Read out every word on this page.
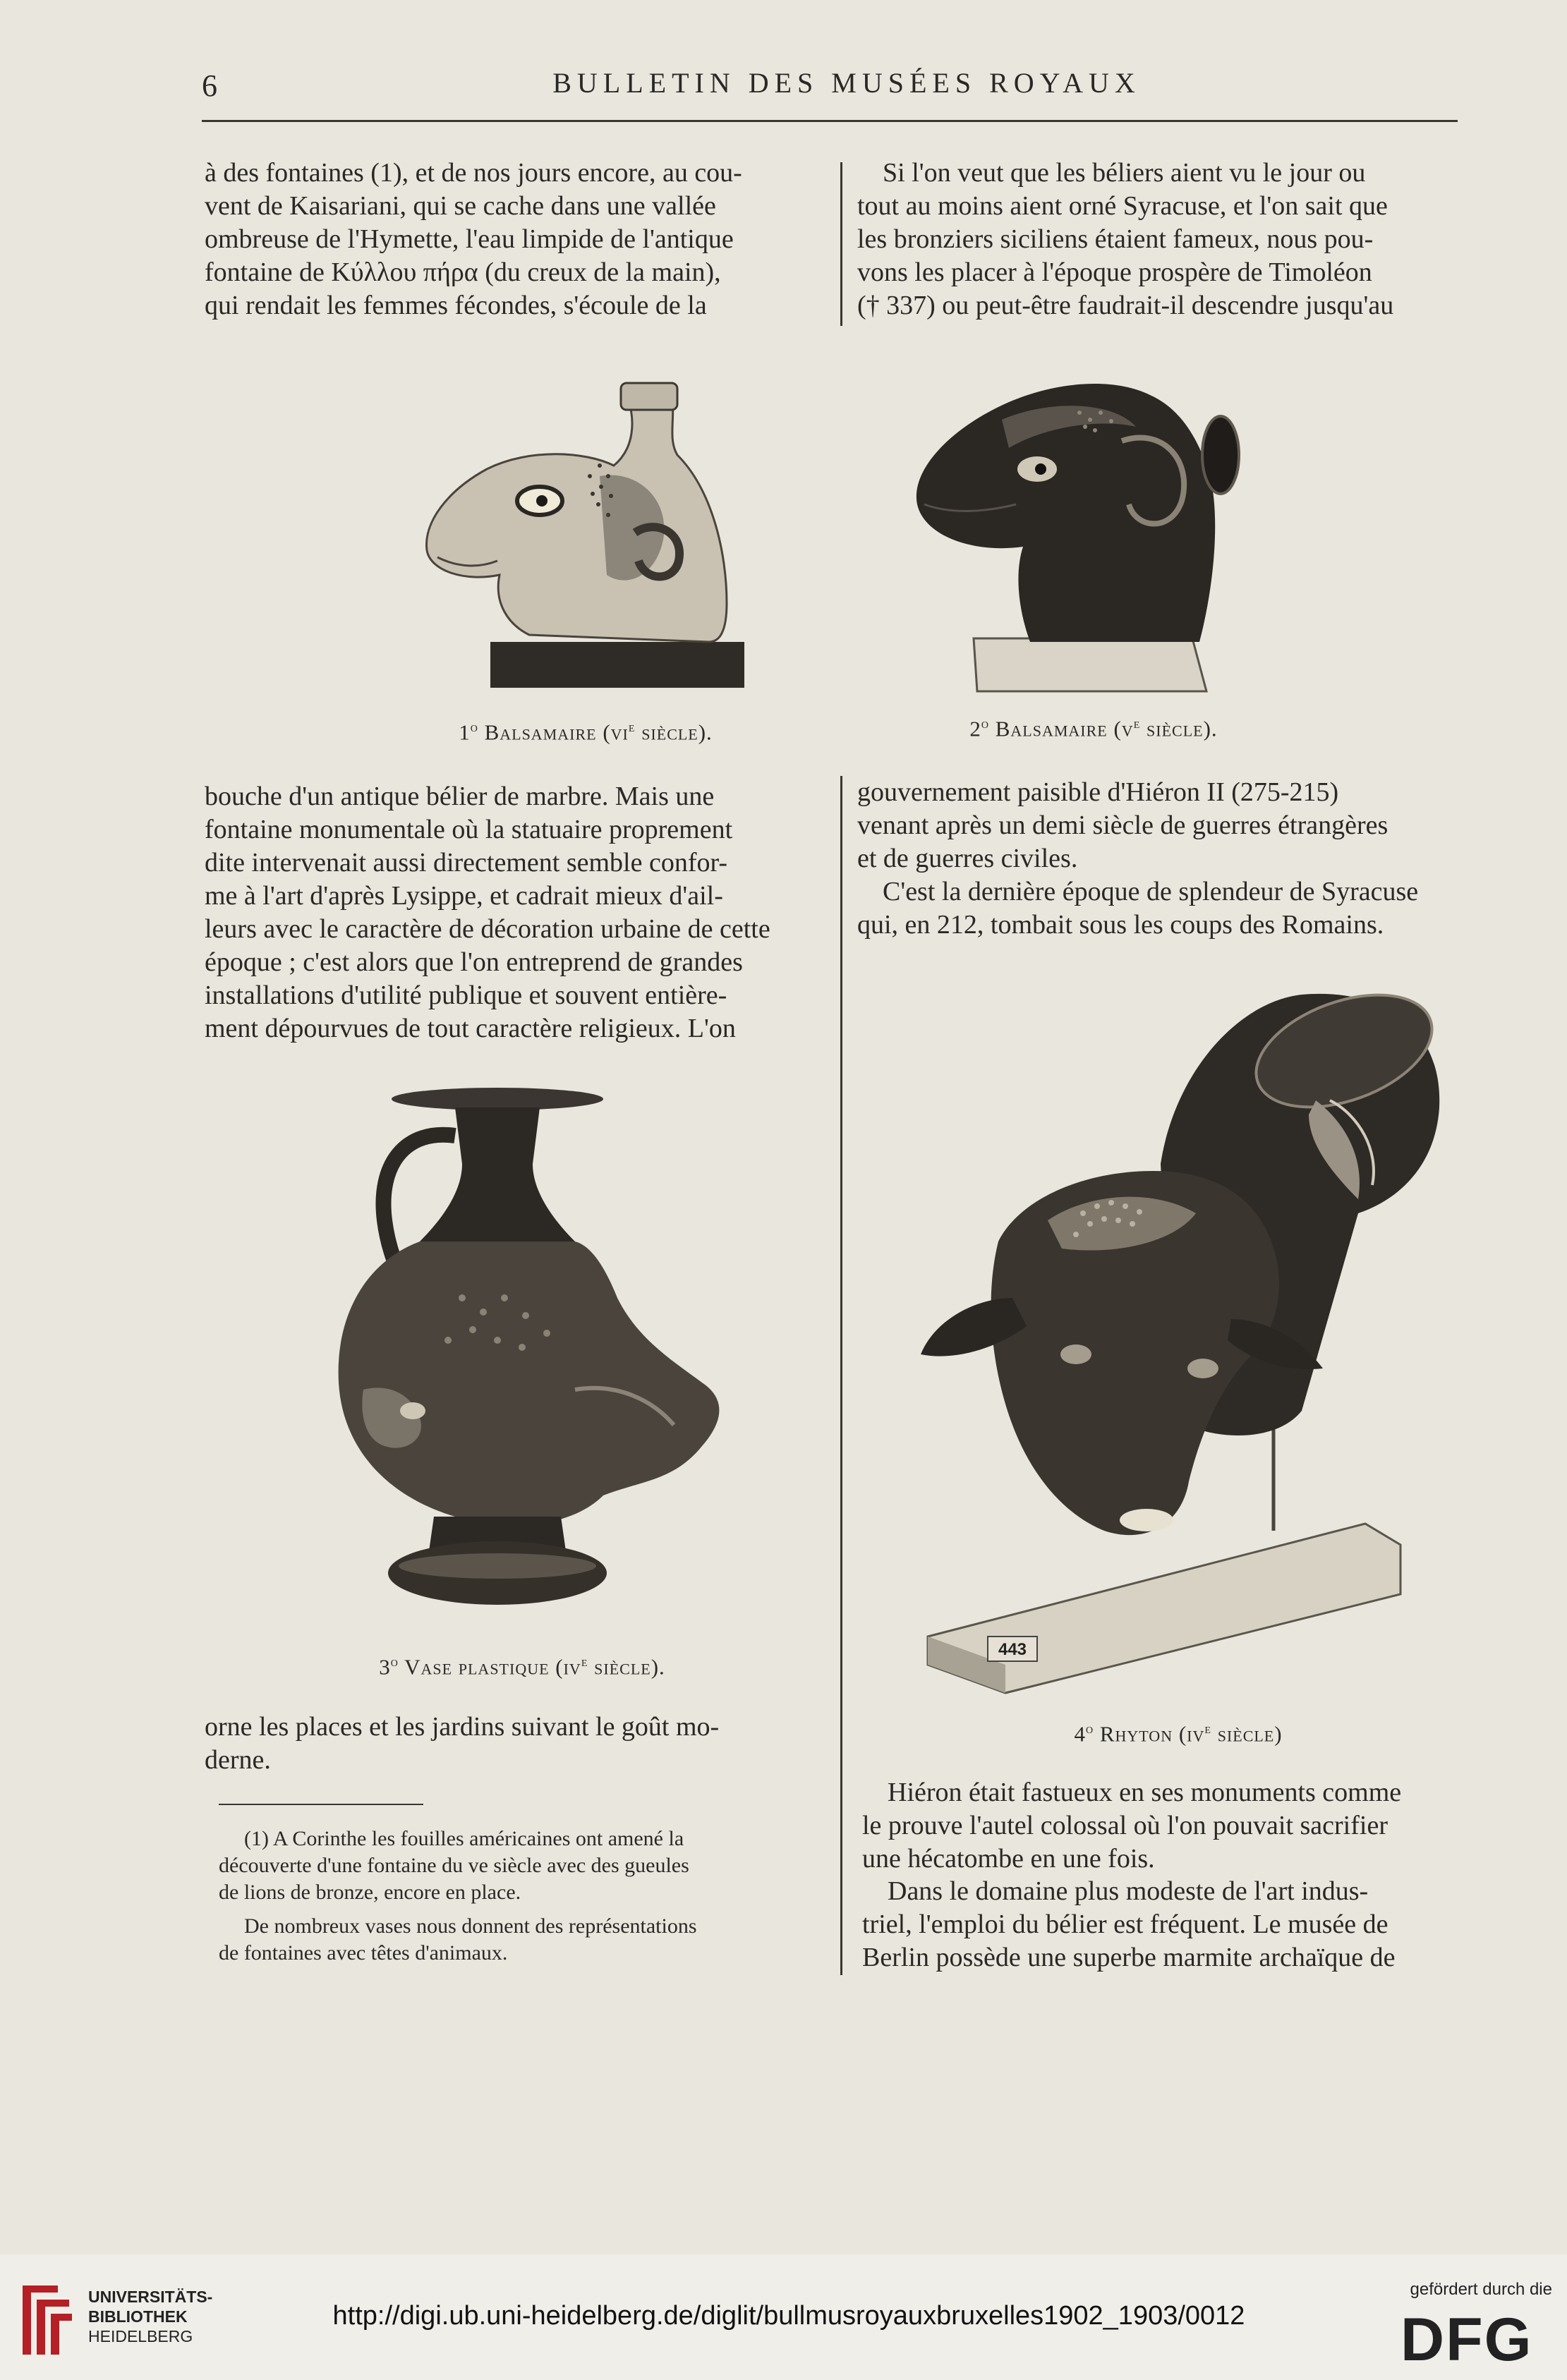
6	BULLETIN DES MUSÉES ROYAUX
à des fontaines (1), et de nos jours encore, au cou-
vent de Kaisariani, qui se cache dans une vallée
ombreuse de l'Hymette, l'eau limpide de l'antique
fontaine de Κύλλου πήρα (du creux de la main),
qui rendait les femmes fécondes, s'écoule de la
Si l'on veut que les béliers aient vu le jour ou
tout au moins aient orné Syracuse, et l'on sait que
les bronziers siciliens étaient fameux, nous pou-
vons les placer à l'époque prospère de Timoléon
(† 337) ou peut-être faudrait-il descendre jusqu'au
1$^o$ Balsamaire ($vi^e$ siècle).	2$^o$ Balsamaire ($v^e$ siècle).
bouche d'un antique bélier de marbre. Mais une
fontaine monumentale où la statuaire proprement
dite intervenait aussi directement semble confor-
me à l'art d'après Lysippe, et cadrait mieux d'ail-
leurs avec le caractère de décoration urbaine de cette
époque ; c'est alors que l'on entreprend de grandes
installations d'utilité publique et souvent entière-
ment dépourvues de tout caractère religieux. L'on
gouvernement paisible d'Hiéron II (275-215)
venant après un demi siècle de guerres étrangères
et de guerres civiles.
C'est la dernière époque de splendeur de Syracuse
qui, en 212, tombait sous les coups des Romains.
3$^o$ Vase plastique ($iv^e$ siècle).
443
4$^o$ Rhyton ($iv^e$ siècle)
orne les places et les jardins suivant le goût mo-
derne.
(1) A Corinthe les fouilles américaines ont amené la
découverte d'une fontaine du ve siècle avec des gueules
de lions de bronze, encore en place.
De nombreux vases nous donnent des représentations
de fontaines avec têtes d'animaux.
Hiéron était fastueux en ses monuments comme
le prouve l'autel colossal où l'on pouvait sacrifier
une hécatombe en une fois.
Dans le domaine plus modeste de l'art indus-
triel, l'emploi du bélier est fréquent. Le musée de
Berlin possède une superbe marmite archaïque de
UNIVERSITÄTS-
BIBLIOTHEK
HEIDELBERG
http://digi.ub.uni-heidelberg.de/diglit/bullmusroyauxbruxelles1902_1903/0012
gefördert durch die
DFG
